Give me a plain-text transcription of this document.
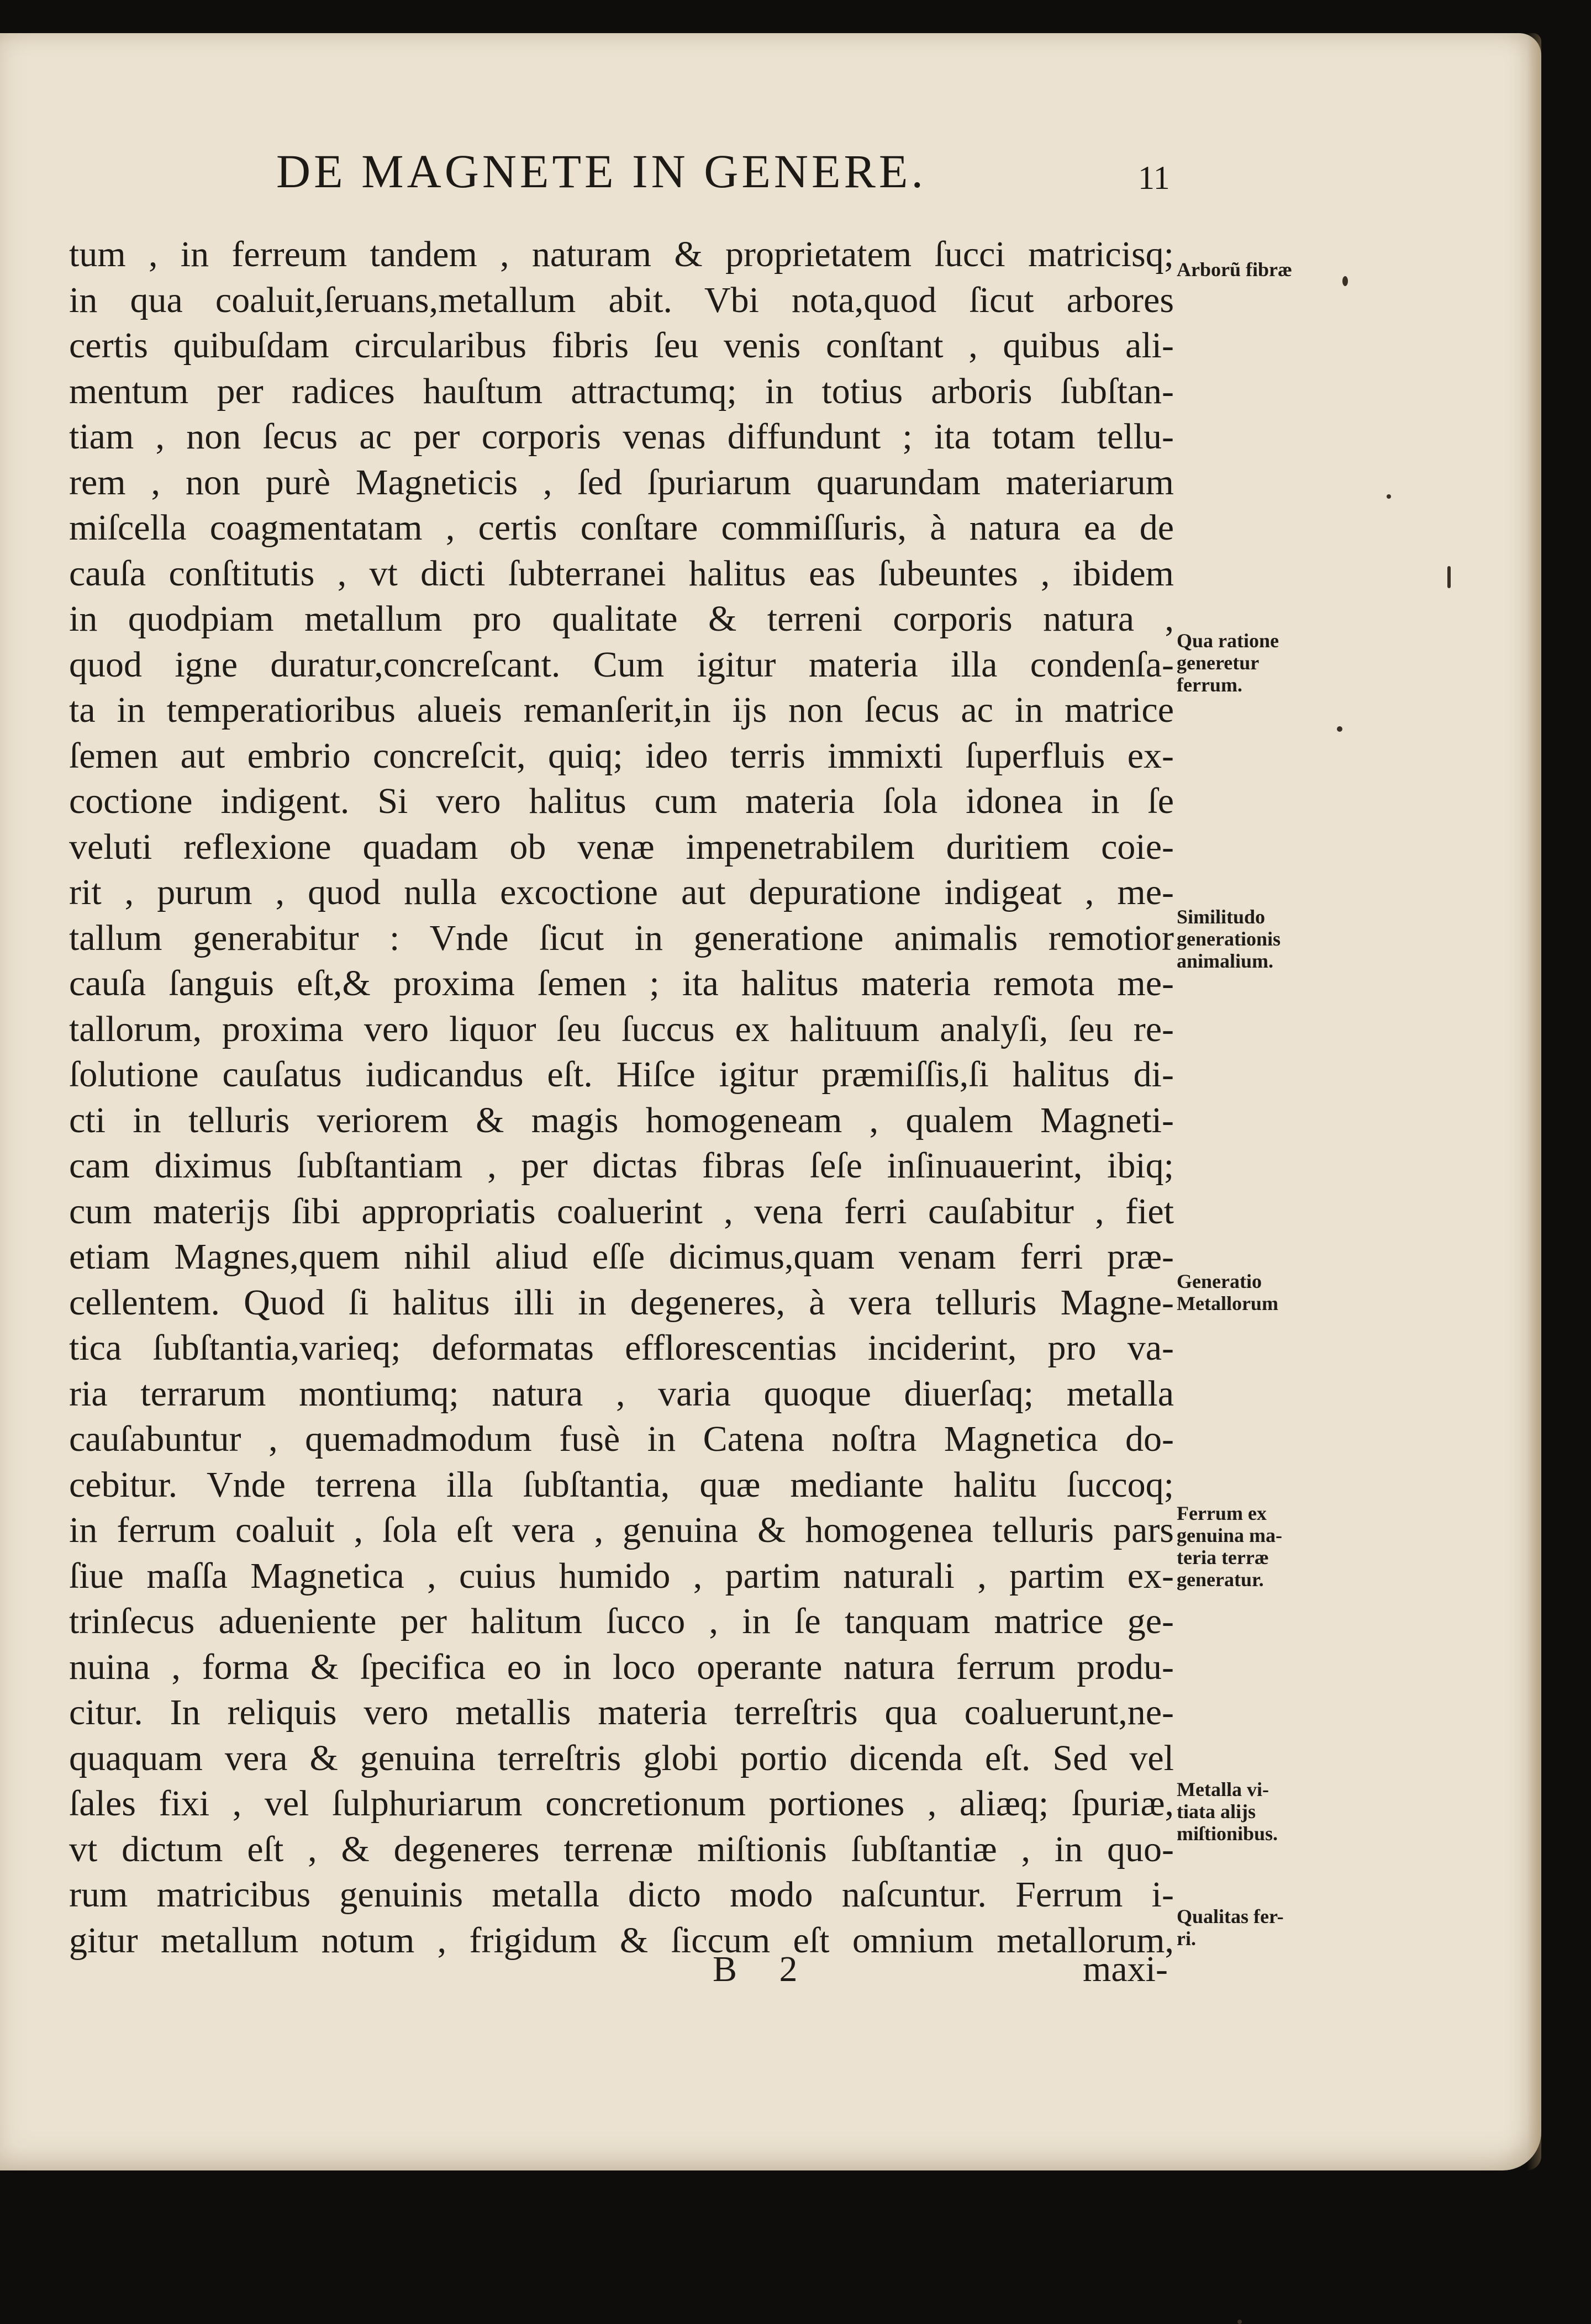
DE MAGNETE IN GENERE.	11
tum , in ferreum tandem , naturam & proprietatem ſucci matricisq;
in qua coaluit,ſeruans,metallum abit. Vbi nota,quod ſicut arbores
certis quibuſdam circularibus fibris ſeu venis conſtant , quibus ali-
mentum per radices hauſtum attractumq; in totius arboris ſubſtan-
tiam , non ſecus ac per corporis venas diffundunt ; ita totam tellu-
rem , non purè Magneticis , ſed ſpuriarum quarundam materiarum
miſcella coagmentatam , certis conſtare commiſſuris, à natura ea de
cauſa conſtitutis , vt dicti ſubterranei halitus eas ſubeuntes , ibidem
in quodpiam metallum pro qualitate & terreni corporis natura ,
quod igne duratur,concreſcant. Cum igitur materia illa condenſa-
ta in temperatioribus alueis remanſerit,in ijs non ſecus ac in matrice
ſemen aut embrio concreſcit, quiq; ideo terris immixti ſuperfluis ex-
coctione indigent. Si vero halitus cum materia ſola idonea in ſe
veluti reflexione quadam ob venæ impenetrabilem duritiem coie-
rit , purum , quod nulla excoctione aut depuratione indigeat , me-
tallum generabitur : Vnde ſicut in generatione animalis remotior
cauſa ſanguis eſt,& proxima ſemen ; ita halitus materia remota me-
tallorum, proxima vero liquor ſeu ſuccus ex halituum analyſi, ſeu re-
ſolutione cauſatus iudicandus eſt. Hiſce igitur præmiſſis,ſi halitus di-
cti in telluris veriorem & magis homogeneam , qualem Magneti-
cam diximus ſubſtantiam , per dictas fibras ſeſe inſinuauerint, ibiq;
cum materijs ſibi appropriatis coaluerint , vena ferri cauſabitur , fiet
etiam Magnes,quem nihil aliud eſſe dicimus,quam venam ferri præ-
cellentem. Quod ſi halitus illi in degeneres, à vera telluris Magne-
tica ſubſtantia,varieq; deformatas efflorescentias inciderint, pro va-
ria terrarum montiumq; natura , varia quoque diuerſaq; metalla
cauſabuntur , quemadmodum fusè in Catena noſtra Magnetica do-
cebitur. Vnde terrena illa ſubſtantia, quæ mediante halitu ſuccoq;
in ferrum coaluit , ſola eſt vera , genuina & homogenea telluris pars
ſiue maſſa Magnetica , cuius humido , partim naturali , partim ex-
trinſecus adueniente per halitum ſucco , in ſe tanquam matrice ge-
nuina , forma & ſpecifica eo in loco operante natura ferrum produ-
citur. In reliquis vero metallis materia terreſtris qua coaluerunt,ne-
quaquam vera & genuina terreſtris globi portio dicenda eſt. Sed vel
ſales fixi , vel ſulphuriarum concretionum portiones , aliæq; ſpuriæ,
vt dictum eſt , & degeneres terrenæ miſtionis ſubſtantiæ , in quo-
rum matricibus genuinis metalla dicto modo naſcuntur. Ferrum i-
gitur metallum notum , frigidum & ſiccum eſt omnium metallorum,
Arborũ fibræ
Qua ratione
generetur
ferrum.
Similitudo
generationis
animalium.
Generatio
Metallorum
Ferrum ex
genuina ma-
teria terræ
generatur.
Metalla vi-
tiata alijs
miſtionibus.
Qualitas fer-
ri.
B 2	maxi-
